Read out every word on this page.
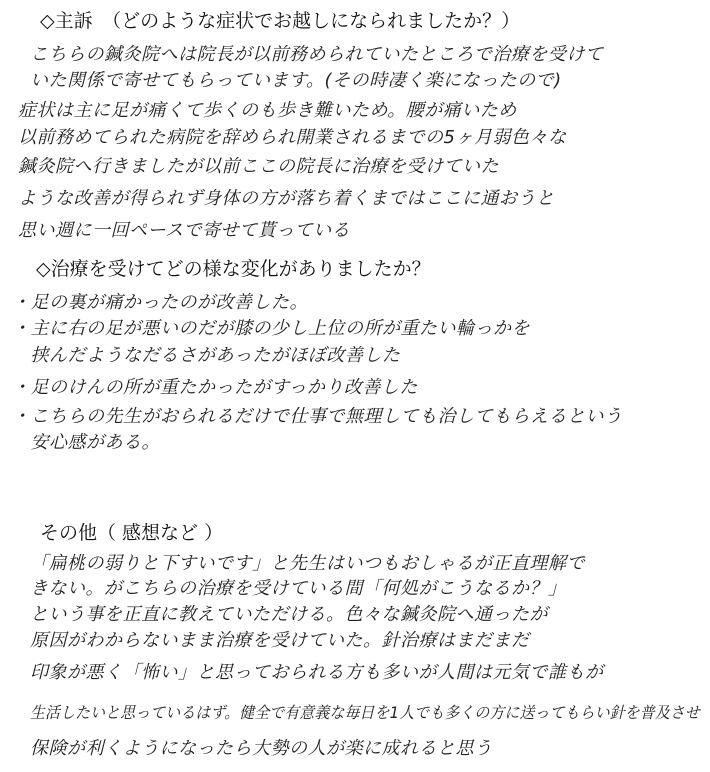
◇主訴　（どのような症状でお越しになられましたか？）
こちらの鍼灸院へは院長が以前務められていたところで治療を受けて
いた関係で寄せてもらっています。(その時凄く楽になったので)
症状は主に足が痛くて歩くのも歩き難いため。腰が痛いため
以前務めてられた病院を辞められ開業されるまでの5ヶ月弱色々な
鍼灸院へ行きましたが以前ここの院長に治療を受けていた
ような改善が得られず身体の方が落ち着くまではここに通おうと
思い週に一回ペースで寄せて貰っている
◇治療を受けてどの様な変化がありましたか？
・足の裏が痛かったのが改善した。
・主に右の足が悪いのだが膝の少し上位の所が重たい輪っかを
　挟んだようなだるさがあったがほぼ改善した
・足のけんの所が重たかったがすっかり改善した
・こちらの先生がおられるだけで仕事で無理しても治してもらえるという
　安心感がある。
その他（ 感想など ）
「扁桃の弱りと下すいです」と先生はいつもおしゃるが正直理解で
きない。がこちらの治療を受けている間「何処がこうなるか？」
という事を正直に教えていただける。色々な鍼灸院へ通ったが
原因がわからないまま治療を受けていた。針治療はまだまだ
印象が悪く「怖い」と思っておられる方も多いが人間は元気で誰もが
生活したいと思っているはず。健全で有意義な毎日を1人でも多くの方に送ってもらい針を普及させ
保険が利くようになったら大勢の人が楽に成れると思う
